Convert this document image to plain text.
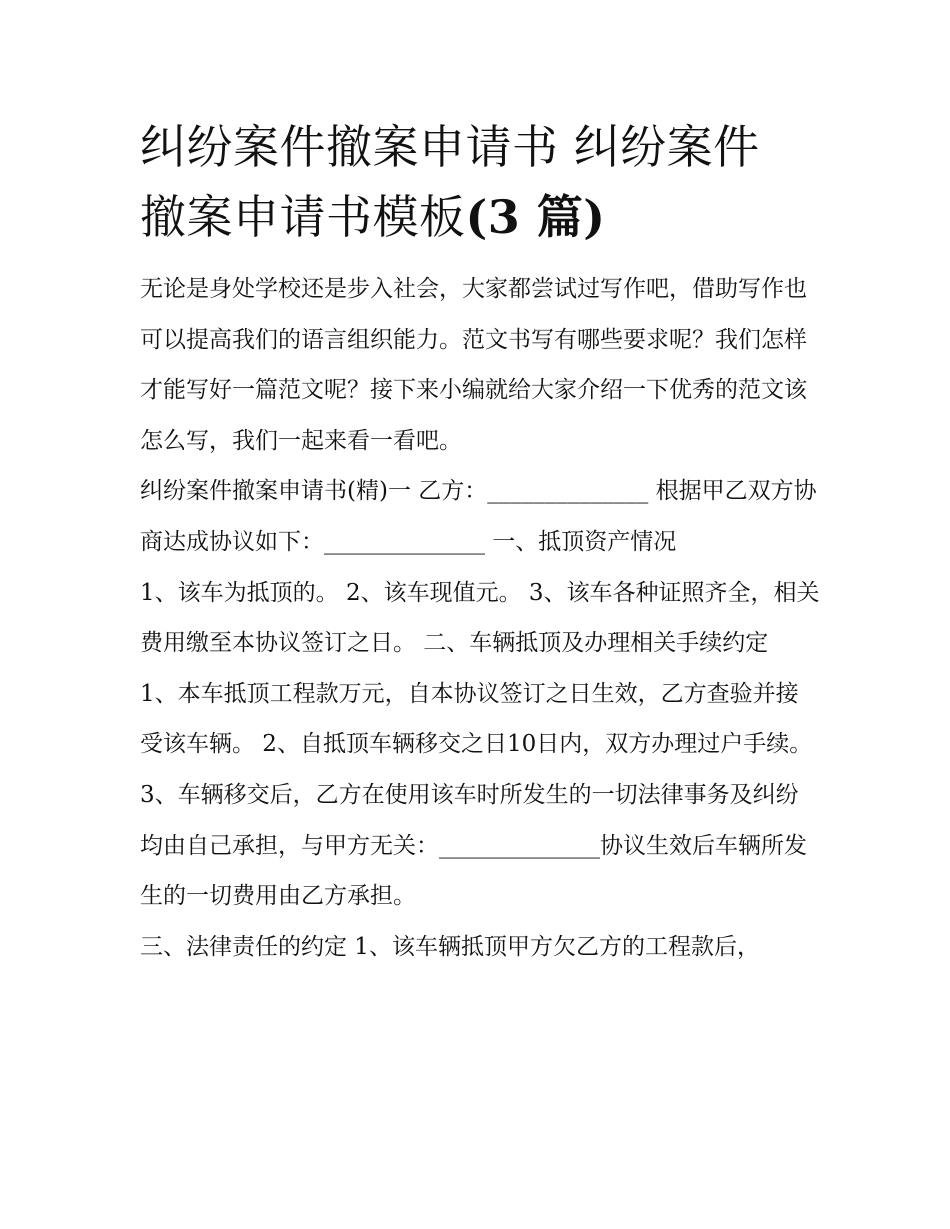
纠纷案件撤案申请书 纠纷案件
撤案申请书模板(3 篇)

无论是身处学校还是步入社会，大家都尝试过写作吧，借助写作也可以提高我们的语言组织能力。范文书写有哪些要求呢？我们怎样才能写好一篇范文呢？接下来小编就给大家介绍一下优秀的范文该怎么写，我们一起来看一看吧。

纠纷案件撤案申请书(精)一 乙方：______________ 根据甲乙双方协商达成协议如下：______________ 一、抵顶资产情况

1、该车为抵顶的。 2、该车现值元。 3、该车各种证照齐全，相关费用缴至本协议签订之日。 二、车辆抵顶及办理相关手续约定

1、本车抵顶工程款万元，自本协议签订之日生效，乙方查验并接受该车辆。 2、自抵顶车辆移交之日10日内，双方办理过户手续。

3、车辆移交后，乙方在使用该车时所发生的一切法律事务及纠纷均由自己承担，与甲方无关：______________协议生效后车辆所发生的一切费用由乙方承担。

三、法律责任的约定 1、该车辆抵顶甲方欠乙方的工程款后，
